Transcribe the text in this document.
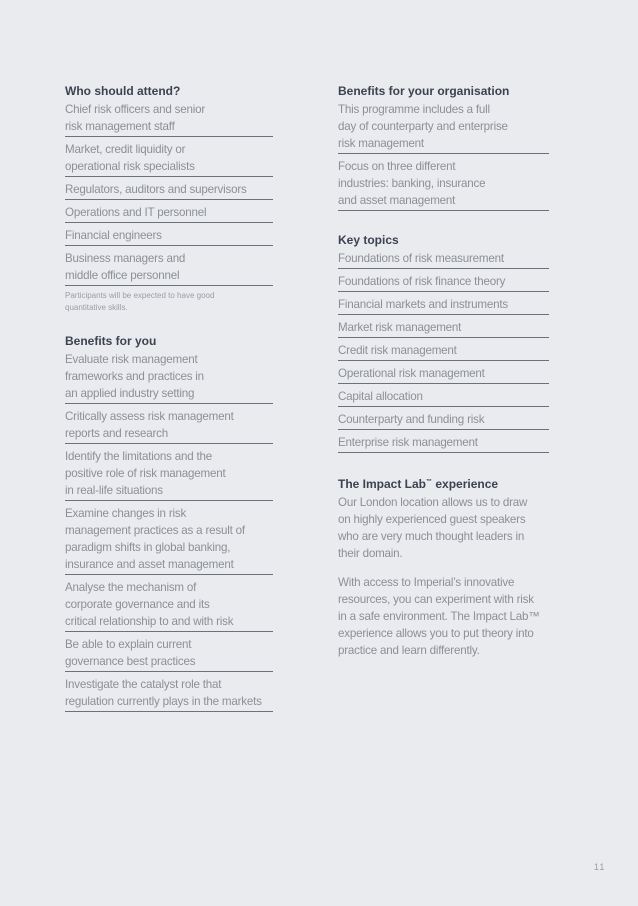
Who should attend?
Chief risk officers and senior
risk management staff
Market, credit liquidity or
operational risk specialists
Regulators, auditors and supervisors
Operations and IT personnel
Financial engineers
Business managers and
middle office personnel
Participants will be expected to have good
quantitative skills.
Benefits for you
Evaluate risk management
frameworks and practices in
an applied industry setting
Critically assess risk management
reports and research
Identify the limitations and the
positive role of risk management
in real-life situations
Examine changes in risk
management practices as a result of
paradigm shifts in global banking,
insurance and asset management
Analyse the mechanism of
corporate governance and its
critical relationship to and with risk
Be able to explain current
governance best practices
Investigate the catalyst role that
regulation currently plays in the markets
Benefits for your organisation
This programme includes a full
day of counterparty and enterprise
risk management
Focus on three different
industries: banking, insurance
and asset management
Key topics
Foundations of risk measurement
Foundations of risk finance theory
Financial markets and instruments
Market risk management
Credit risk management
Operational risk management
Capital allocation
Counterparty and funding risk
Enterprise risk management
The Impact Lab™ experience

Our London location allows us to draw
on highly experienced guest speakers
who are very much thought leaders in
their domain.

With access to Imperial’s innovative
resources, you can experiment with risk
in a safe environment. The Impact Lab™
experience allows you to put theory into
practice and learn differently.

11
